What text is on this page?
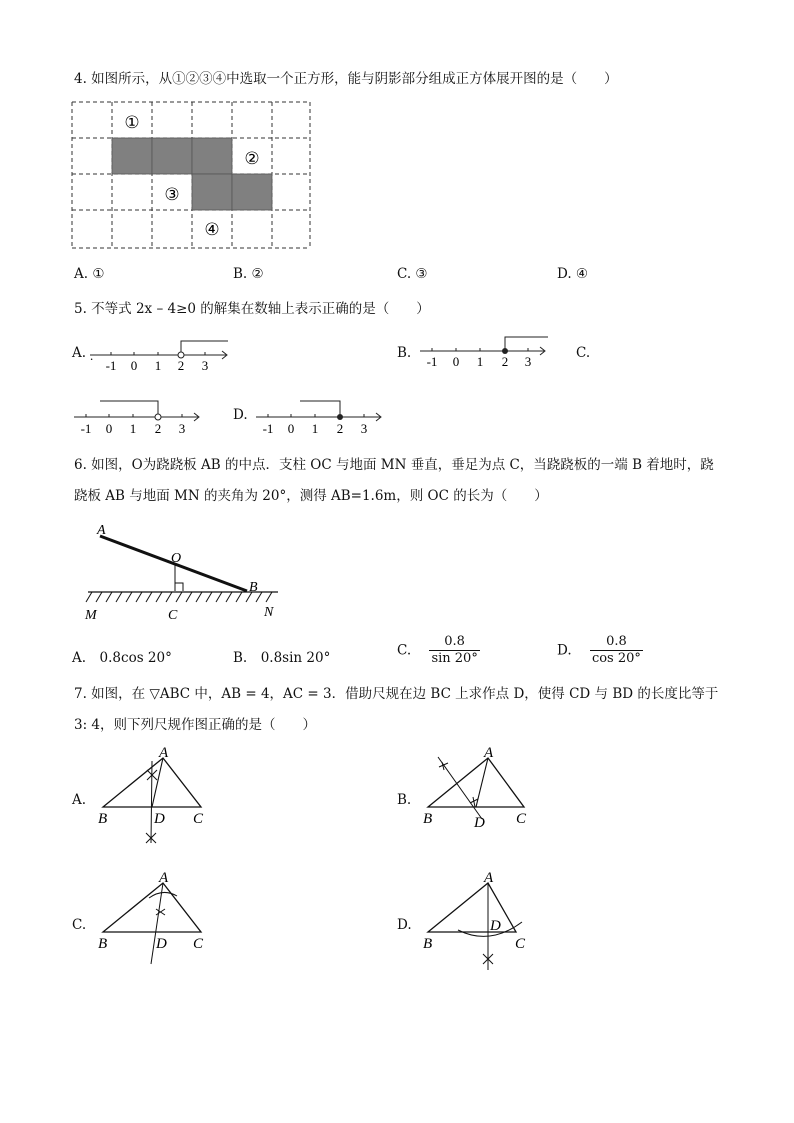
4. 如图所示，从①②③④中选取一个正方形，能与阴影部分组成正方体展开图的是（　　）
①
②
③
④
A. ①	B. ②	C. ③	D. ④
5. 不等式 2x – 4≥0 的解集在数轴上表示正确的是（　　）
A. .
-1 0 1 2 3
B.
-1 0 1 2 3
C.
-1 0 1 2 3
D.
-1 0 1 2 3
6. 如图，O为跷跷板 AB 的中点．支柱 OC 与地面 MN 垂直，垂足为点 C，当跷跷板的一端 B 着地时，跷
跷板 AB 与地面 MN 的夹角为 20°，测得 AB=1.6m，则 OC 的长为（　　）
A
O
B
M	C	N
A.　0.8cos 20°	B.　0.8sin 20°	C. $\frac{0.8}{\sin 20^\circ}$	D. $\frac{0.8}{\cos 20^\circ}$
7. 如图，在 ▽ABC 中，AB = 4，AC = 3．借助尺规在边 BC 上求作点 D，使得 CD 与 BD 的长度比等于
3: 4，则下列尺规作图正确的是（　　）
A.
A
B	D C
B.
A
B	D C
C.
A
B	D C
D.
A
B
D
C
